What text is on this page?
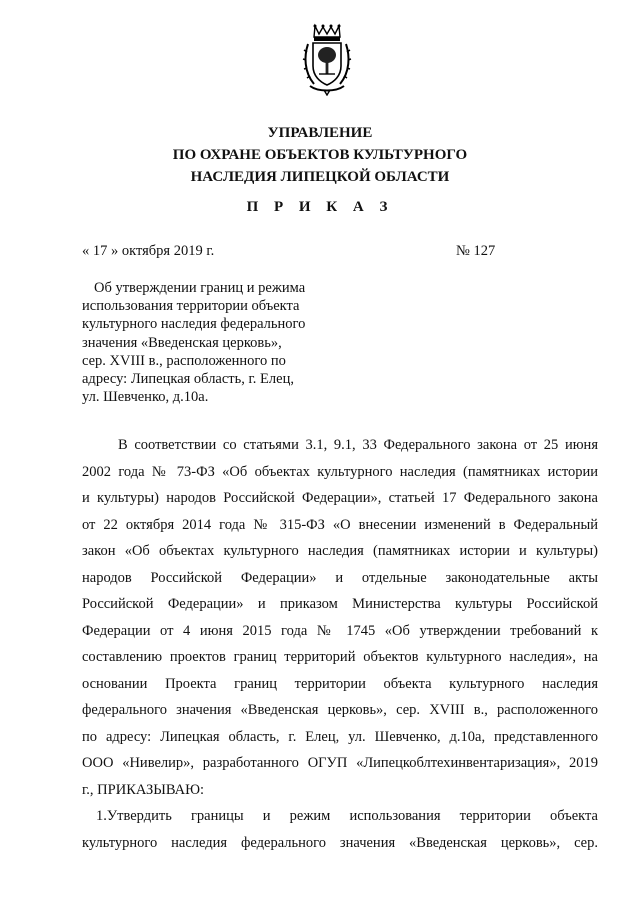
УПРАВЛЕНИЕ
ПО ОХРАНЕ ОБЪЕКТОВ КУЛЬТУРНОГО
НАСЛЕДИЯ ЛИПЕЦКОЙ ОБЛАСТИ
П Р И К А З
« 17 » октября 2019 г.	№ 127
Об утверждении границ и режима
использования территории объекта
культурного наследия федерального
значения «Введенская церковь»,
сер. XVIII в., расположенного по
адресу: Липецкая область, г. Елец,
ул. Шевченко, д.10а.
В соответствии со статьями 3.1, 9.1, 33 Федерального закона от 25 июня
2002 года № 73-ФЗ «Об объектах культурного наследия (памятниках истории
и культуры) народов Российской Федерации», статьей 17 Федерального закона
от 22 октября 2014 года № 315-ФЗ «О внесении изменений в Федеральный
закон «Об объектах культурного наследия (памятниках истории и культуры)
народов Российской Федерации» и отдельные законодательные акты
Российской Федерации» и приказом Министерства культуры Российской
Федерации от 4 июня 2015 года № 1745 «Об утверждении требований к
составлению проектов границ территорий объектов культурного наследия», на
основании Проекта границ территории объекта культурного наследия
федерального значения «Введенская церковь», сер. XVIII в., расположенного
по адресу: Липецкая область, г. Елец, ул. Шевченко, д.10а, представленного
ООО «Нивелир», разработанного ОГУП «Липецкоблтехинвентаризация», 2019
г., ПРИКАЗЫВАЮ:
1.Утвердить границы и режим использования территории объекта
культурного наследия федерального значения «Введенская церковь», сер.
